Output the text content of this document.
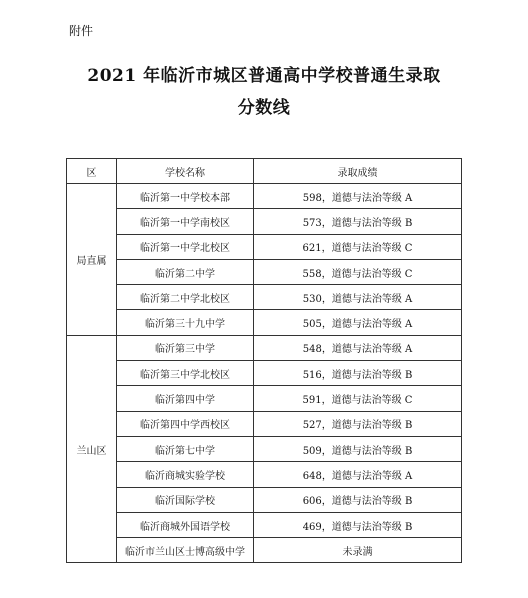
附件
2021 年临沂市城区普通高中学校普通生录取
分数线
区	学校名称	录取成绩
局直属	临沂第一中学校本部	598，道德与法治等级 A
	临沂第一中学南校区	573，道德与法治等级 B
	临沂第一中学北校区	621，道德与法治等级 C
	临沂第二中学	558，道德与法治等级 C
	临沂第二中学北校区	530，道德与法治等级 A
	临沂第三十九中学	505，道德与法治等级 A
兰山区	临沂第三中学	548，道德与法治等级 A
	临沂第三中学北校区	516，道德与法治等级 B
	临沂第四中学	591，道德与法治等级 C
	临沂第四中学西校区	527，道德与法治等级 B
	临沂第七中学	509，道德与法治等级 B
	临沂商城实验学校	648，道德与法治等级 A
	临沂国际学校	606，道德与法治等级 B
	临沂商城外国语学校	469，道德与法治等级 B
	临沂市兰山区士博高级中学	未录满
